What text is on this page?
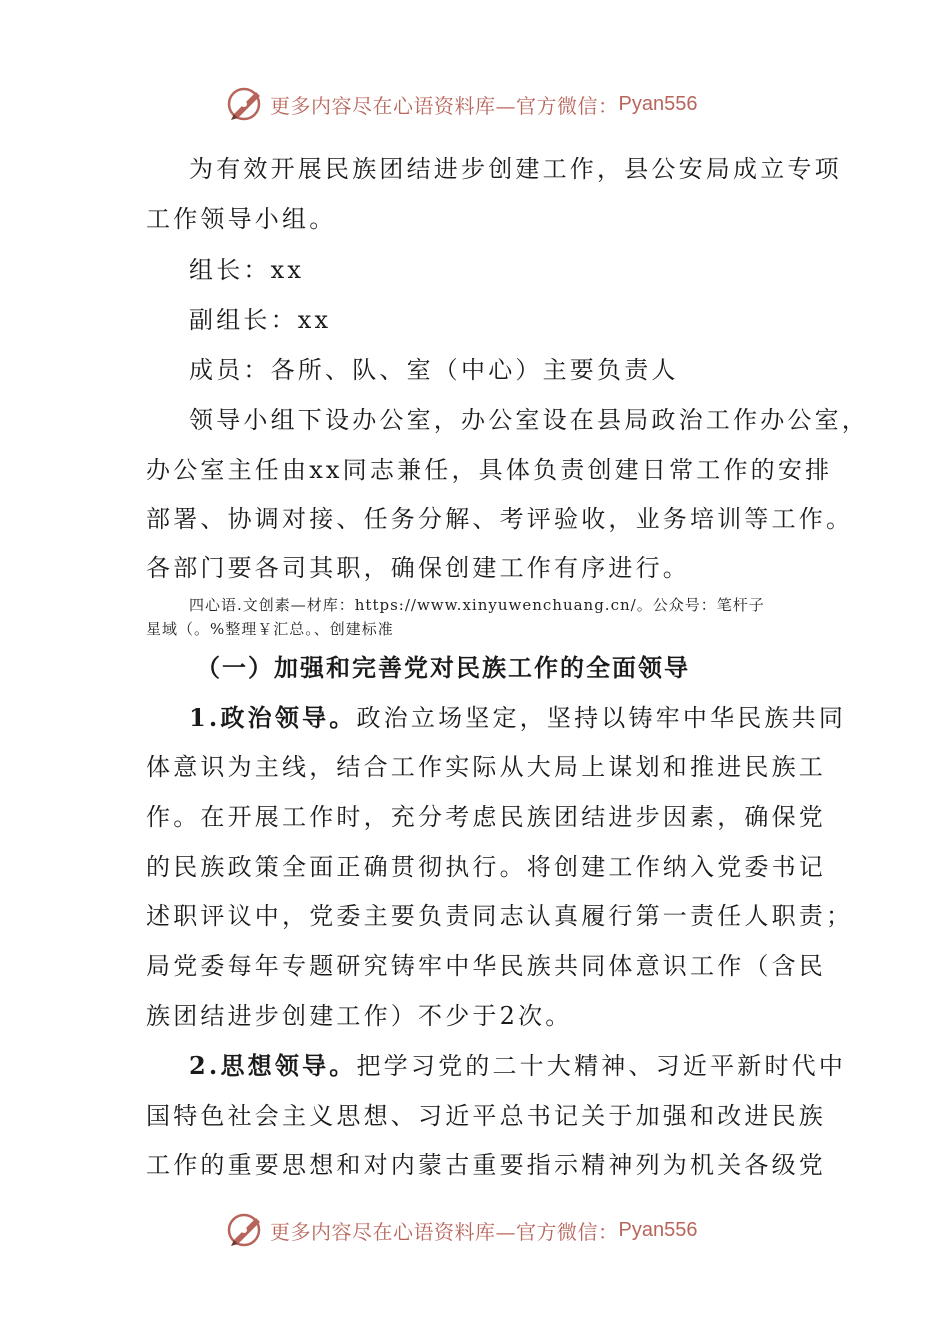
更多内容尽在心语资料库—官方微信： Pyan556
为有效开展民族团结进步创建工作，县公安局成立专项
工作领导小组。
组长：xx
副组长：xx
成员：各所、队、室（中心）主要负责人
领导小组下设办公室，办公室设在县局政治工作办公室，
办公室主任由xx同志兼任，具体负责创建日常工作的安排
部署、协调对接、任务分解、考评验收，业务培训等工作。
各部门要各司其职，确保创建工作有序进行。
四心语.文创素—材库：https://www.xinyuwenchuang.cn/。公众号：笔杆子
星域（。%整理￥汇总。、创建标准
（一）加强和完善党对民族工作的全面领导
1.政治领导。政治立场坚定，坚持以铸牢中华民族共同
体意识为主线，结合工作实际从大局上谋划和推进民族工
作。在开展工作时，充分考虑民族团结进步因素，确保党
的民族政策全面正确贯彻执行。将创建工作纳入党委书记
述职评议中，党委主要负责同志认真履行第一责任人职责；
局党委每年专题研究铸牢中华民族共同体意识工作（含民
族团结进步创建工作）不少于2次。
2.思想领导。把学习党的二十大精神、习近平新时代中
国特色社会主义思想、习近平总书记关于加强和改进民族
工作的重要思想和对内蒙古重要指示精神列为机关各级党
更多内容尽在心语资料库—官方微信： Pyan556
